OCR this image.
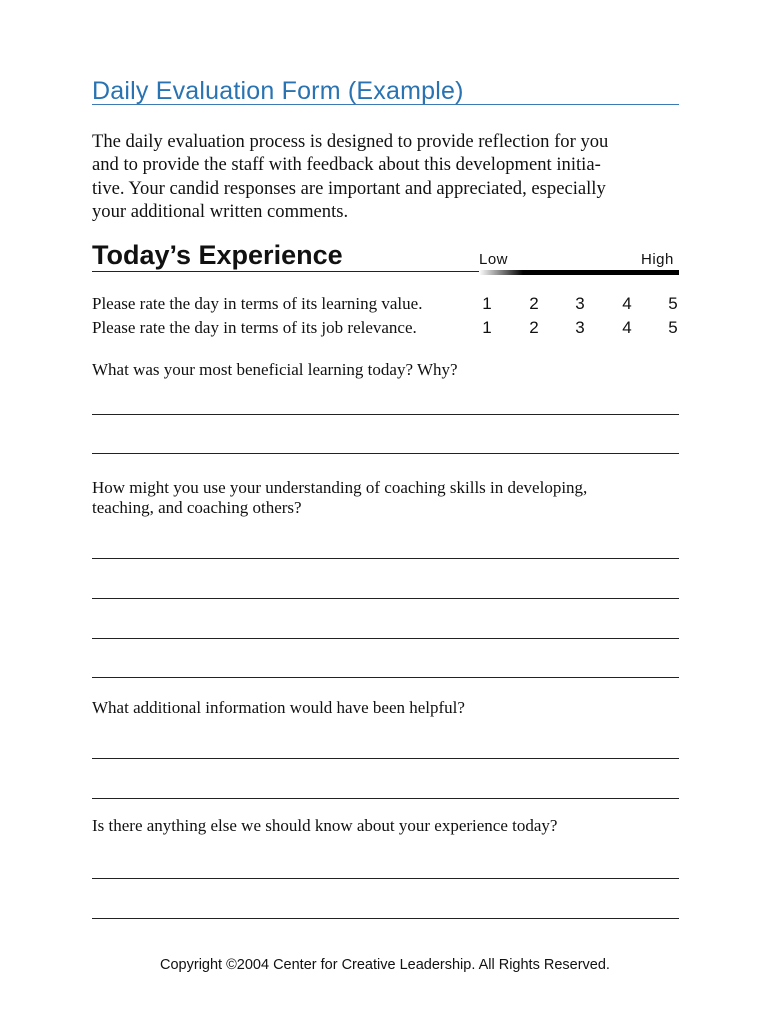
Daily Evaluation Form (Example)
The daily evaluation process is designed to provide reflection for you
and to provide the staff with feedback about this development initia-
tive. Your candid responses are important and appreciated, especially
your additional written comments.
Today’s Experience	Low	High
Please rate the day in terms of its learning value.	1	2	3	4	5
Please rate the day in terms of its job relevance.	1	2	3	4	5
What was your most beneficial learning today? Why?
How might you use your understanding of coaching skills in developing,
teaching, and coaching others?
What additional information would have been helpful?
Is there anything else we should know about your experience today?
Copyright ©2004 Center for Creative Leadership. All Rights Reserved.
